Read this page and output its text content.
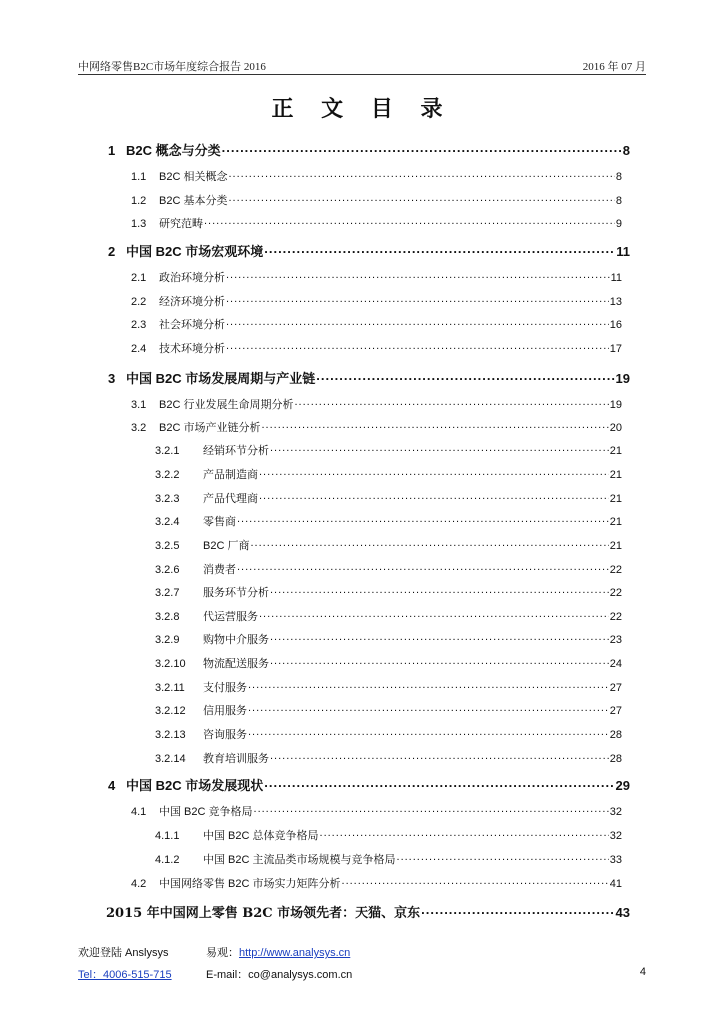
中网络零售B2C市场年度综合报告 2016	2016 年 07 月
正 文 目 录
1 B2C 概念与分类 .....	8
1.1	B2C 相关概念 .....	8
1.2	B2C 基本分类 .....	8
1.3	研究范畴 .....	9
2 中国 B2C 市场宏观环境 .....	11
2.1	政治环境分析 .....	11
2.2	经济环境分析 .....	13
2.3	社会环境分析 .....	16
2.4	技术环境分析 .....	17
3 中国 B2C 市场发展周期与产业链 .....	19
3.1	B2C 行业发展生命周期分析 .....	19
3.2	B2C 市场产业链分析 .....	20
3.2.1	经销环节分析 .....	21
3.2.2	产品制造商 .....	21
3.2.3	产品代理商 .....	21
3.2.4	零售商 .....	21
3.2.5	B2C 厂商 .....	21
3.2.6	消费者 .....	22
3.2.7	服务环节分析 .....	22
3.2.8	代运营服务 .....	22
3.2.9	购物中介服务 .....	23
3.2.10	物流配送服务 .....	24
3.2.11	支付服务 .....	27
3.2.12	信用服务 .....	27
3.2.13	咨询服务 .....	28
3.2.14	教育培训服务 .....	28
4 中国 B2C 市场发展现状 .....	29
4.1	中国 B2C 竞争格局 .....	32
4.1.1	中国 B2C 总体竞争格局 .....	32
4.1.2	中国 B2C 主流品类市场规模与竞争格局 .....	33
4.2	中国网络零售 B2C 市场实力矩阵分析 .....	41
2015 年中国网上零售 B2C 市场领先者：天猫、京东 .....	43
欢迎登陆 Anslysys	易观：http://www.analysys.cn
Tel：4006-515-715	E-mail：co@analysys.com.cn	4
